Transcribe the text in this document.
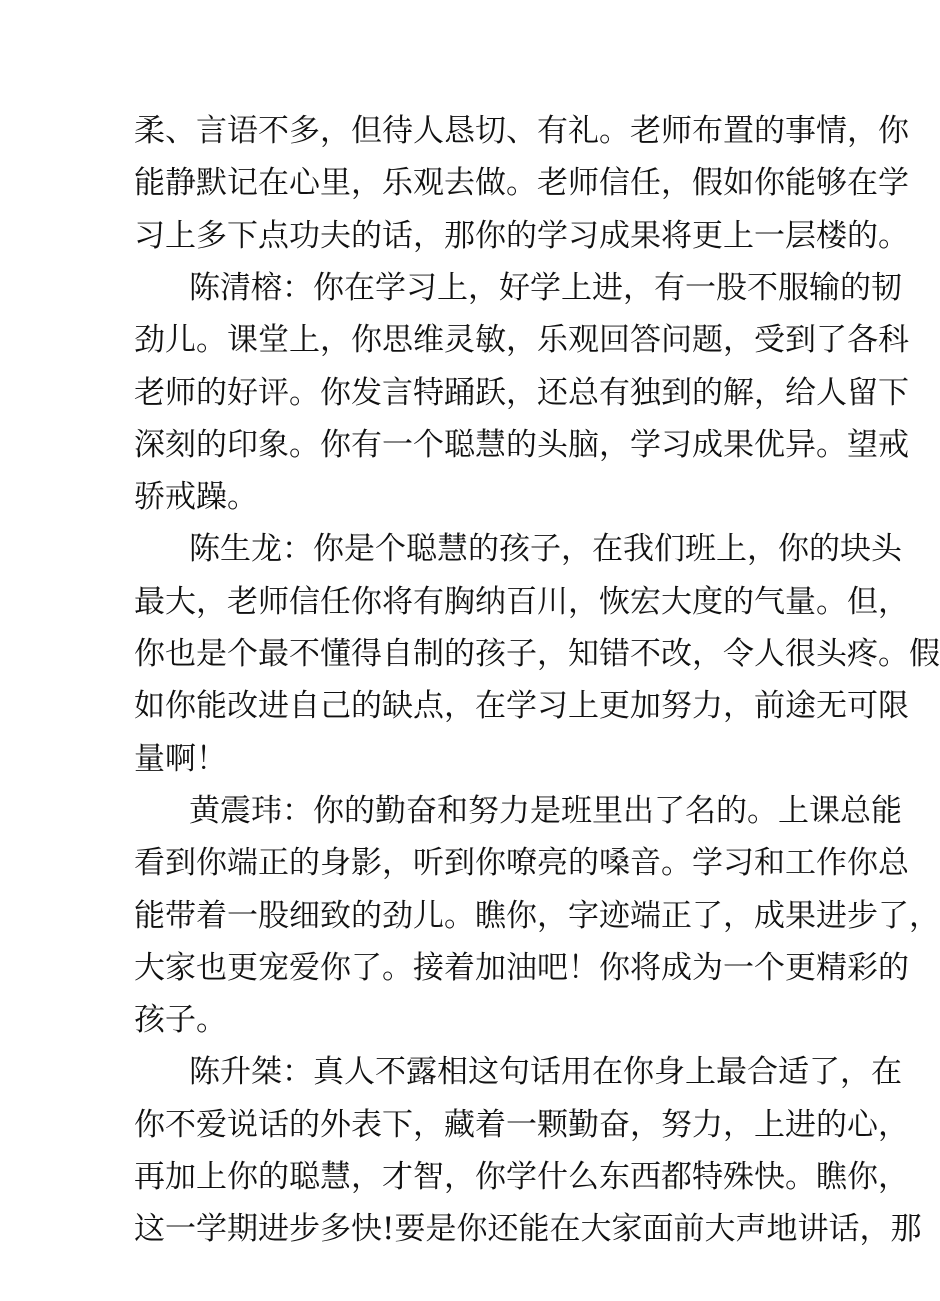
柔、言语不多，但待人恳切、有礼。老师布置的事情，你
能静默记在心里，乐观去做。老师信任，假如你能够在学
习上多下点功夫的话，那你的学习成果将更上一层楼的。
陈清榕：你在学习上，好学上进，有一股不服输的韧
劲儿。课堂上，你思维灵敏，乐观回答问题，受到了各科
老师的好评。你发言特踊跃，还总有独到的解，给人留下
深刻的印象。你有一个聪慧的头脑，学习成果优异。望戒
骄戒躁。
陈生龙：你是个聪慧的孩子，在我们班上，你的块头
最大，老师信任你将有胸纳百川，恢宏大度的气量。但，
你也是个最不懂得自制的孩子，知错不改，令人很头疼。假
如你能改进自己的缺点，在学习上更加努力，前途无可限
量啊！
黄震玮：你的勤奋和努力是班里出了名的。上课总能
看到你端正的身影，听到你嘹亮的嗓音。学习和工作你总
能带着一股细致的劲儿。瞧你，字迹端正了，成果进步了，
大家也更宠爱你了。接着加油吧！你将成为一个更精彩的
孩子。
陈升桀：真人不露相这句话用在你身上最合适了，在
你不爱说话的外表下，藏着一颗勤奋，努力，上进的心，
再加上你的聪慧，才智，你学什么东西都特殊快。瞧你，
这一学期进步多快!要是你还能在大家面前大声地讲话，那
